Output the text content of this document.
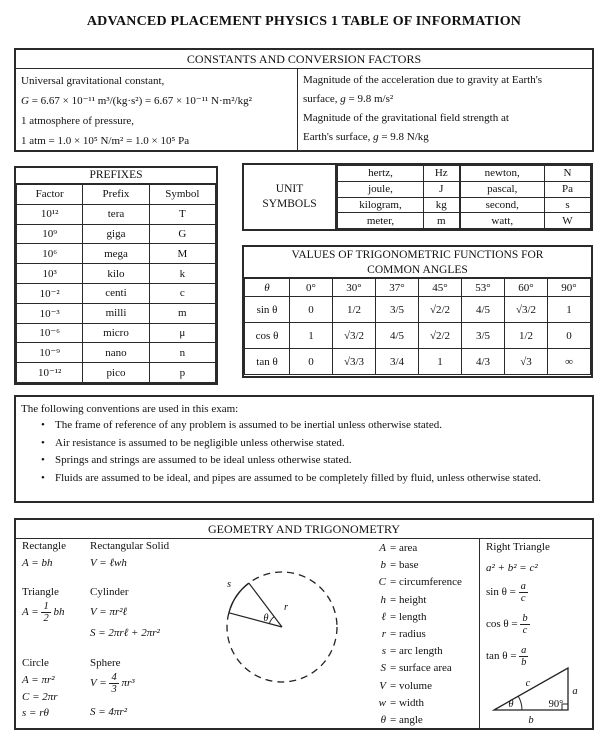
ADVANCED PLACEMENT PHYSICS 1 TABLE OF INFORMATION
CONSTANTS AND CONVERSION FACTORS
Universal gravitational constant,
G = 6.67 × 10⁻¹¹ m³/(kg·s²) = 6.67 × 10⁻¹¹ N·m²/kg²
1 atmosphere of pressure,
1 atm = 1.0 × 10⁵ N/m² = 1.0 × 10⁵ Pa
Magnitude of the acceleration due to gravity at Earth's
surface, g = 9.8 m/s²
Magnitude of the gravitational field strength at
Earth's surface, g = 9.8 N/kg
PREFIXES
Factor	Prefix	Symbol
10¹²	tera	T
10⁹	giga	G
10⁶	mega	M
10³	kilo	k
10⁻²	centi	c
10⁻³	milli	m
10⁻⁶	micro	μ
10⁻⁹	nano	n
10⁻¹²	pico	p
UNIT
SYMBOLS
hertz,	Hz	newton,	N
joule,	J	pascal,	Pa
kilogram,	kg	second,	s
meter,	m	watt,	W
VALUES OF TRIGONOMETRIC FUNCTIONS FOR
COMMON ANGLES
θ	0°	30°	37°	45°	53°	60°	90°
sin θ	0	1/2	3/5	√2/2	4/5	√3/2	1
cos θ	1	√3/2	4/5	√2/2	3/5	1/2	0
tan θ	0	√3/3	3/4	1	4/3	√3	∞
The following conventions are used in this exam:
• The frame of reference of any problem is assumed to be inertial unless otherwise stated.
• Air resistance is assumed to be negligible unless otherwise stated.
• Springs and strings are assumed to be ideal unless otherwise stated.
• Fluids are assumed to be ideal, and pipes are assumed to be completely filled by fluid, unless otherwise stated.
GEOMETRY AND TRIGONOMETRY
Rectangle
A = bh
Triangle
$A = \frac{1}{2}$ bh
Circle
A = πr²
C = 2πr
s = rθ
Rectangular Solid
V = ℓwh
Cylinder
V = πr²ℓ
S = 2πrℓ + 2πr²
Sphere
$V = \frac{4}{3} \pi r^3$
S = 4πr²
s
r
θ
A = area
b = base
C = circumference
h = height
ℓ = length
r = radius
s = arc length
S = surface area
V = volume
w = width
θ = angle
Right Triangle
a² + b² = c²
$\sin \theta = \frac{a}{c}$
$\cos \theta = \frac{b}{c}$
$\tan \theta = \frac{a}{b}$
c
a
b
θ	90°
